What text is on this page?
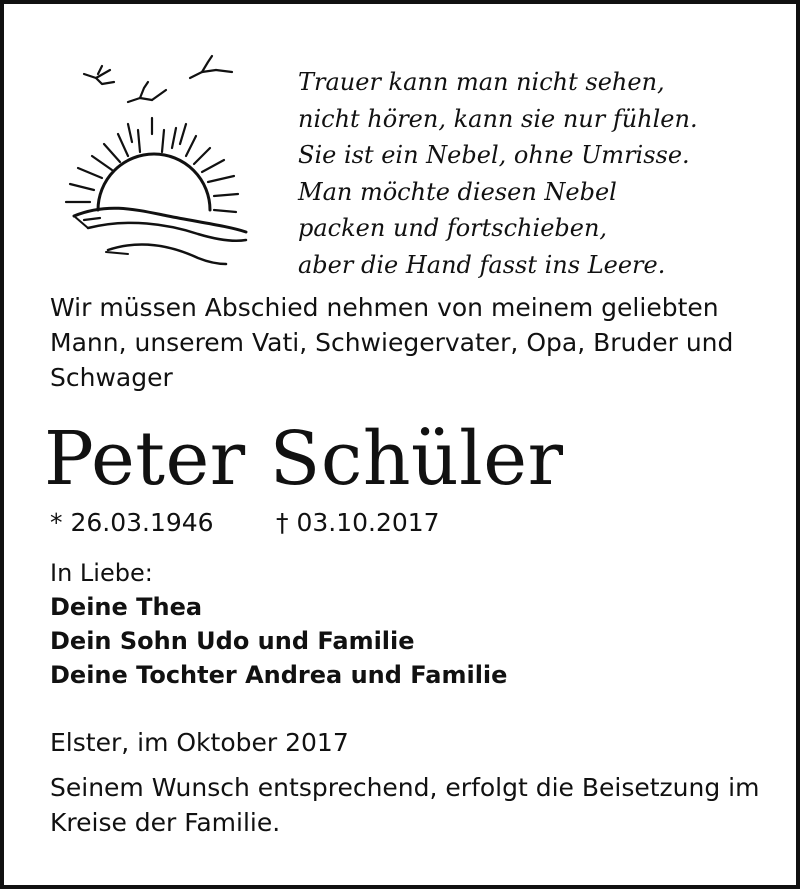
Trauer kann man nicht sehen,
nicht hören, kann sie nur fühlen.
Sie ist ein Nebel, ohne Umrisse.
Man möchte diesen Nebel
packen und fortschieben,
aber die Hand fasst ins Leere.
Wir müssen Abschied nehmen von meinem geliebten Mann, unserem Vati, Schwiegervater, Opa, Bruder und Schwager
Peter Schüler
* 26.03.1946 † 03.10.2017
In Liebe:
Deine Thea
Dein Sohn Udo und Familie
Deine Tochter Andrea und Familie
Elster, im Oktober 2017
Seinem Wunsch entsprechend, erfolgt die Beisetzung im Kreise der Familie.
